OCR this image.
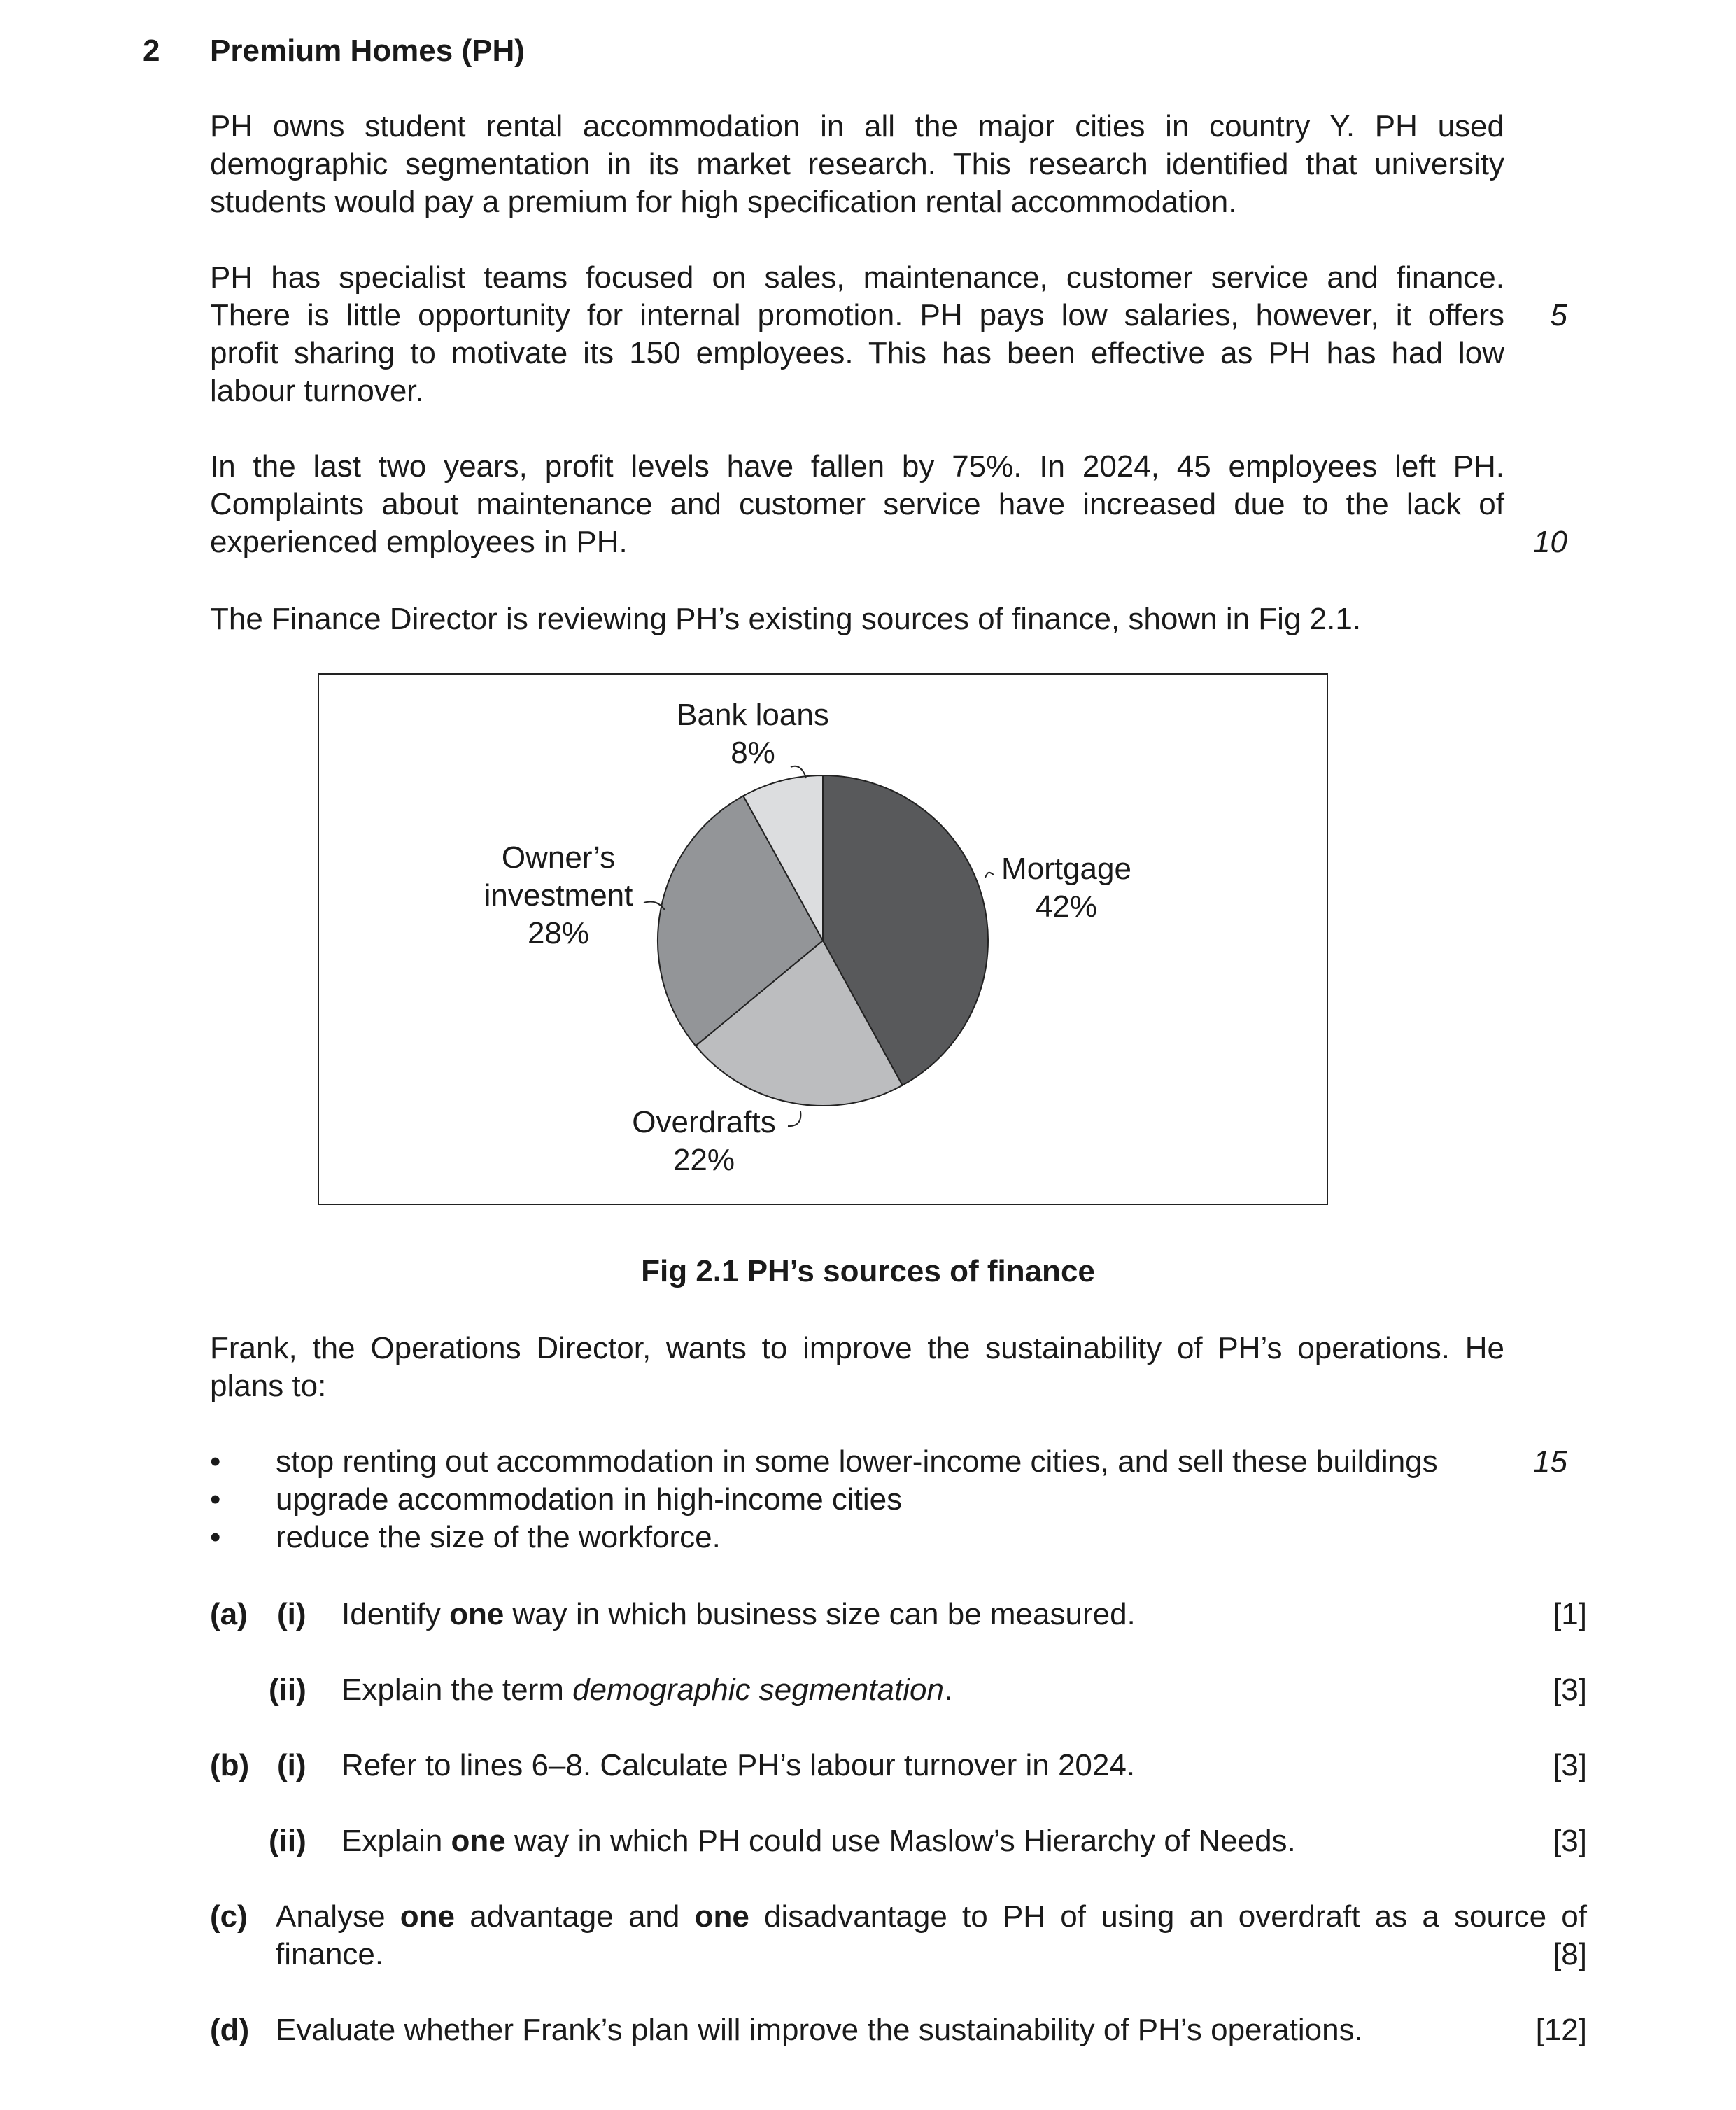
2 Premium Homes (PH)
PH owns student rental accommodation in all the major cities in country Y. PH used
demographic segmentation in its market research. This research identified that university
students would pay a premium for high specification rental accommodation.
PH has specialist teams focused on sales, maintenance, customer service and finance.
There is little opportunity for internal promotion. PH pays low salaries, however, it offers
profit sharing to motivate its 150 employees. This has been effective as PH has had low
labour turnover.
5
In the last two years, profit levels have fallen by 75%. In 2024, 45 employees left PH.
Complaints about maintenance and customer service have increased due to the lack of
experienced employees in PH.	10
The Finance Director is reviewing PH’s existing sources of finance, shown in Fig 2.1.
Bank loans
8%
Mortgage
42%
Owner’s
investment
28%
Overdrafts
22%
Fig 2.1 PH’s sources of finance
Frank, the Operations Director, wants to improve the sustainability of PH’s operations. He
plans to:
• stop renting out accommodation in some lower-income cities, and sell these buildings	15
• upgrade accommodation in high-income cities
• reduce the size of the workforce.
(a) (i) Identify one way in which business size can be measured.	[1]
(ii) Explain the term demographic segmentation.	[3]
(b) (i) Refer to lines 6–8. Calculate PH’s labour turnover in 2024.	[3]
(ii) Explain one way in which PH could use Maslow’s Hierarchy of Needs.	[3]
(c) Analyse one advantage and one disadvantage to PH of using an overdraft as a source of
finance.	[8]
(d) Evaluate whether Frank’s plan will improve the sustainability of PH’s operations.	[12]
